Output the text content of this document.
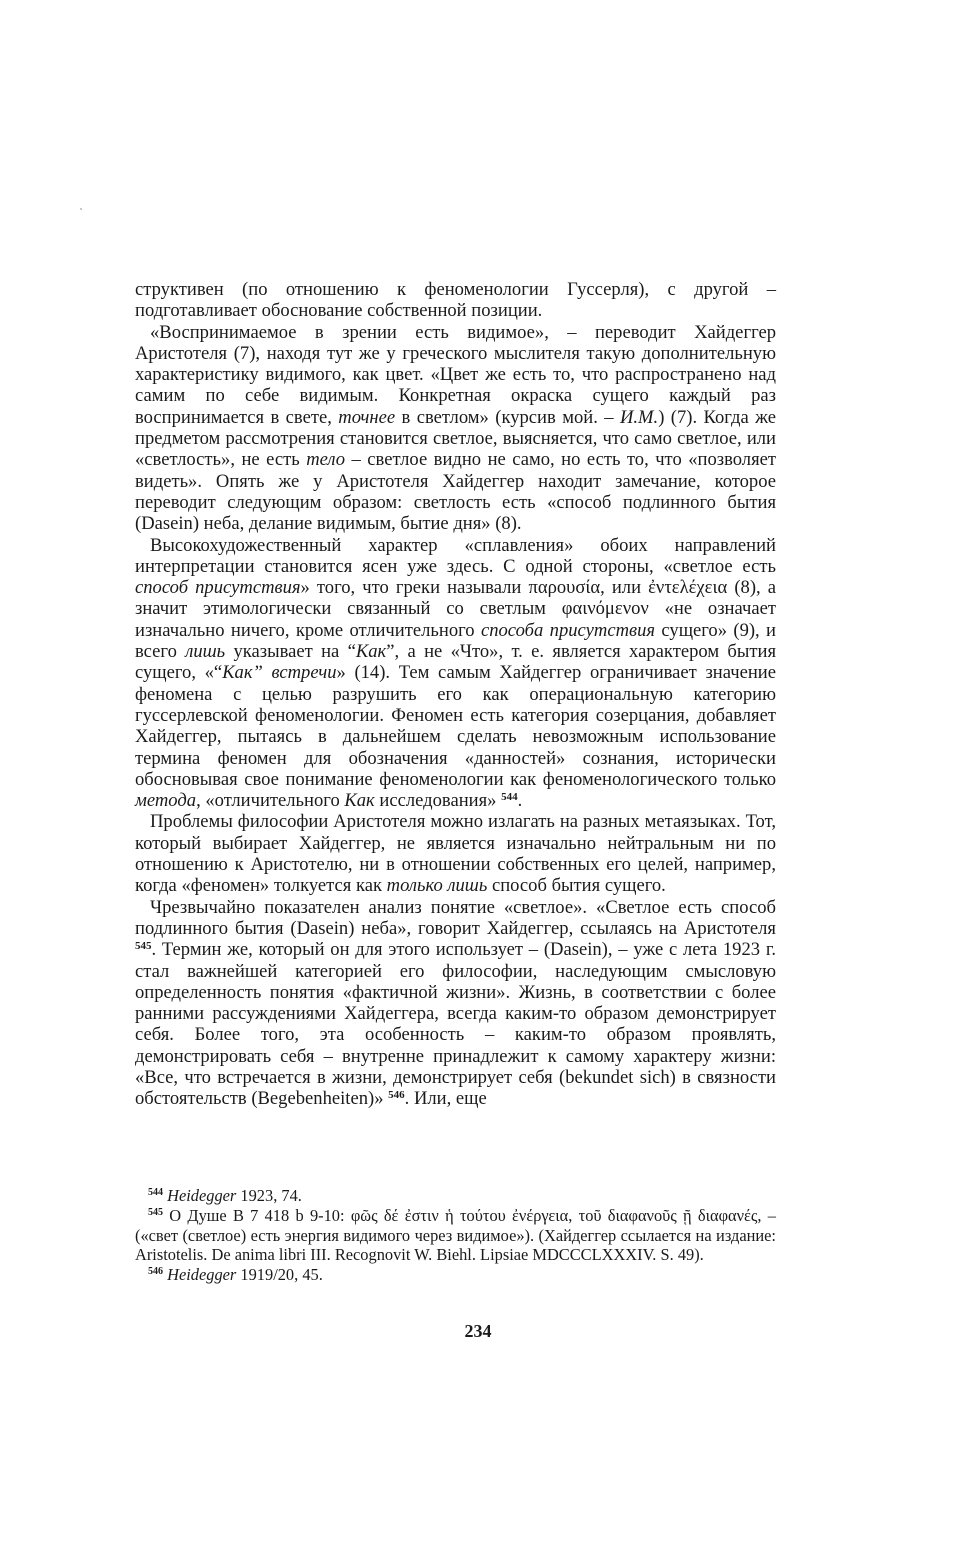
структивен (по отношению к феноменологии Гуссерля), с другой – подготавливает обоснование собственной позиции.

«Воспринимаемое в зрении есть видимое», – переводит Хайдеггер Аристотеля (7), находя тут же у греческого мыслителя такую дополнительную характеристику видимого, как цвет. «Цвет же есть то, что распространено над самим по себе видимым. Конкретная окраска сущего каждый раз воспринимается в свете, точнее в светлом» (курсив мой. – И.М.) (7). Когда же предметом рассмотрения становится светлое, выясняется, что само светлое, или «светлость», не есть тело – светлое видно не само, но есть то, что «позволяет видеть». Опять же у Аристотеля Хайдеггер находит замечание, которое переводит следующим образом: светлость есть «способ подлинного бытия (Dasein) неба, делание видимым, бытие дня» (8).

Высокохудожественный характер «сплавления» обоих направлений интерпретации становится ясен уже здесь. С одной стороны, «светлое есть способ присутствия» того, что греки называли παρουσία, или ἐντελέχεια (8), а значит этимологически связанный со светлым φαινόμενον «не означает изначально ничего, кроме отличительного способа присутствия сущего» (9), и всего лишь указывает на “Как”, а не «Что», т. е. является характером бытия сущего, «“Как” встречи» (14). Тем самым Хайдеггер ограничивает значение феномена с целью разрушить его как операциональную категорию гуссерлевской феноменологии. Феномен есть категория созерцания, добавляет Хайдеггер, пытаясь в дальнейшем сделать невозможным использование термина феномен для обозначения «данностей» сознания, исторически обосновывая свое понимание феноменологии как феноменологического только метода, «отличительного Как исследования» $^{544}$.

Проблемы философии Аристотеля можно излагать на разных метаязыках. Тот, который выбирает Хайдеггер, не является изначально нейтральным ни по отношению к Аристотелю, ни в отношении собственных его целей, например, когда «феномен» толкуется как только лишь способ бытия сущего.

Чрезвычайно показателен анализ понятие «светлое». «Светлое есть способ подлинного бытия (Dasein) неба», говорит Хайдеггер, ссылаясь на Аристотеля $^{545}$. Термин же, который он для этого использует – (Dasein), – уже с лета 1923 г. стал важнейшей категорией его философии, наследующим смысловую определенность понятия «фактичной жизни». Жизнь, в соответствии с более ранними рассуждениями Хайдеггера, всегда каким-то образом демонстрирует себя. Более того, эта особенность – каким-то образом проявлять, демонстрировать себя – внутренне принадлежит к самому характеру жизни: «Все, что встречается в жизни, демонстрирует себя (bekundet sich) в связности обстоятельств (Begebenheiten)» $^{546}$. Или, еще

$^{544}$ Heidegger 1923, 74.

$^{545}$ О Душе B 7 418 b 9-10: φῶς δέ ἐστιν ἡ τούτου ἐνέργεια, τοῦ διαφανοῦς ῇ διαφανές, – («свет (светлое) есть энергия видимого через видимое»). (Хайдеггер ссылается на издание: Aristotelis. De anima libri III. Recognovit W. Biehl. Lipsiae MDCCCLXXXIV. S. 49).

$^{546}$ Heidegger 1919/20, 45.

234
